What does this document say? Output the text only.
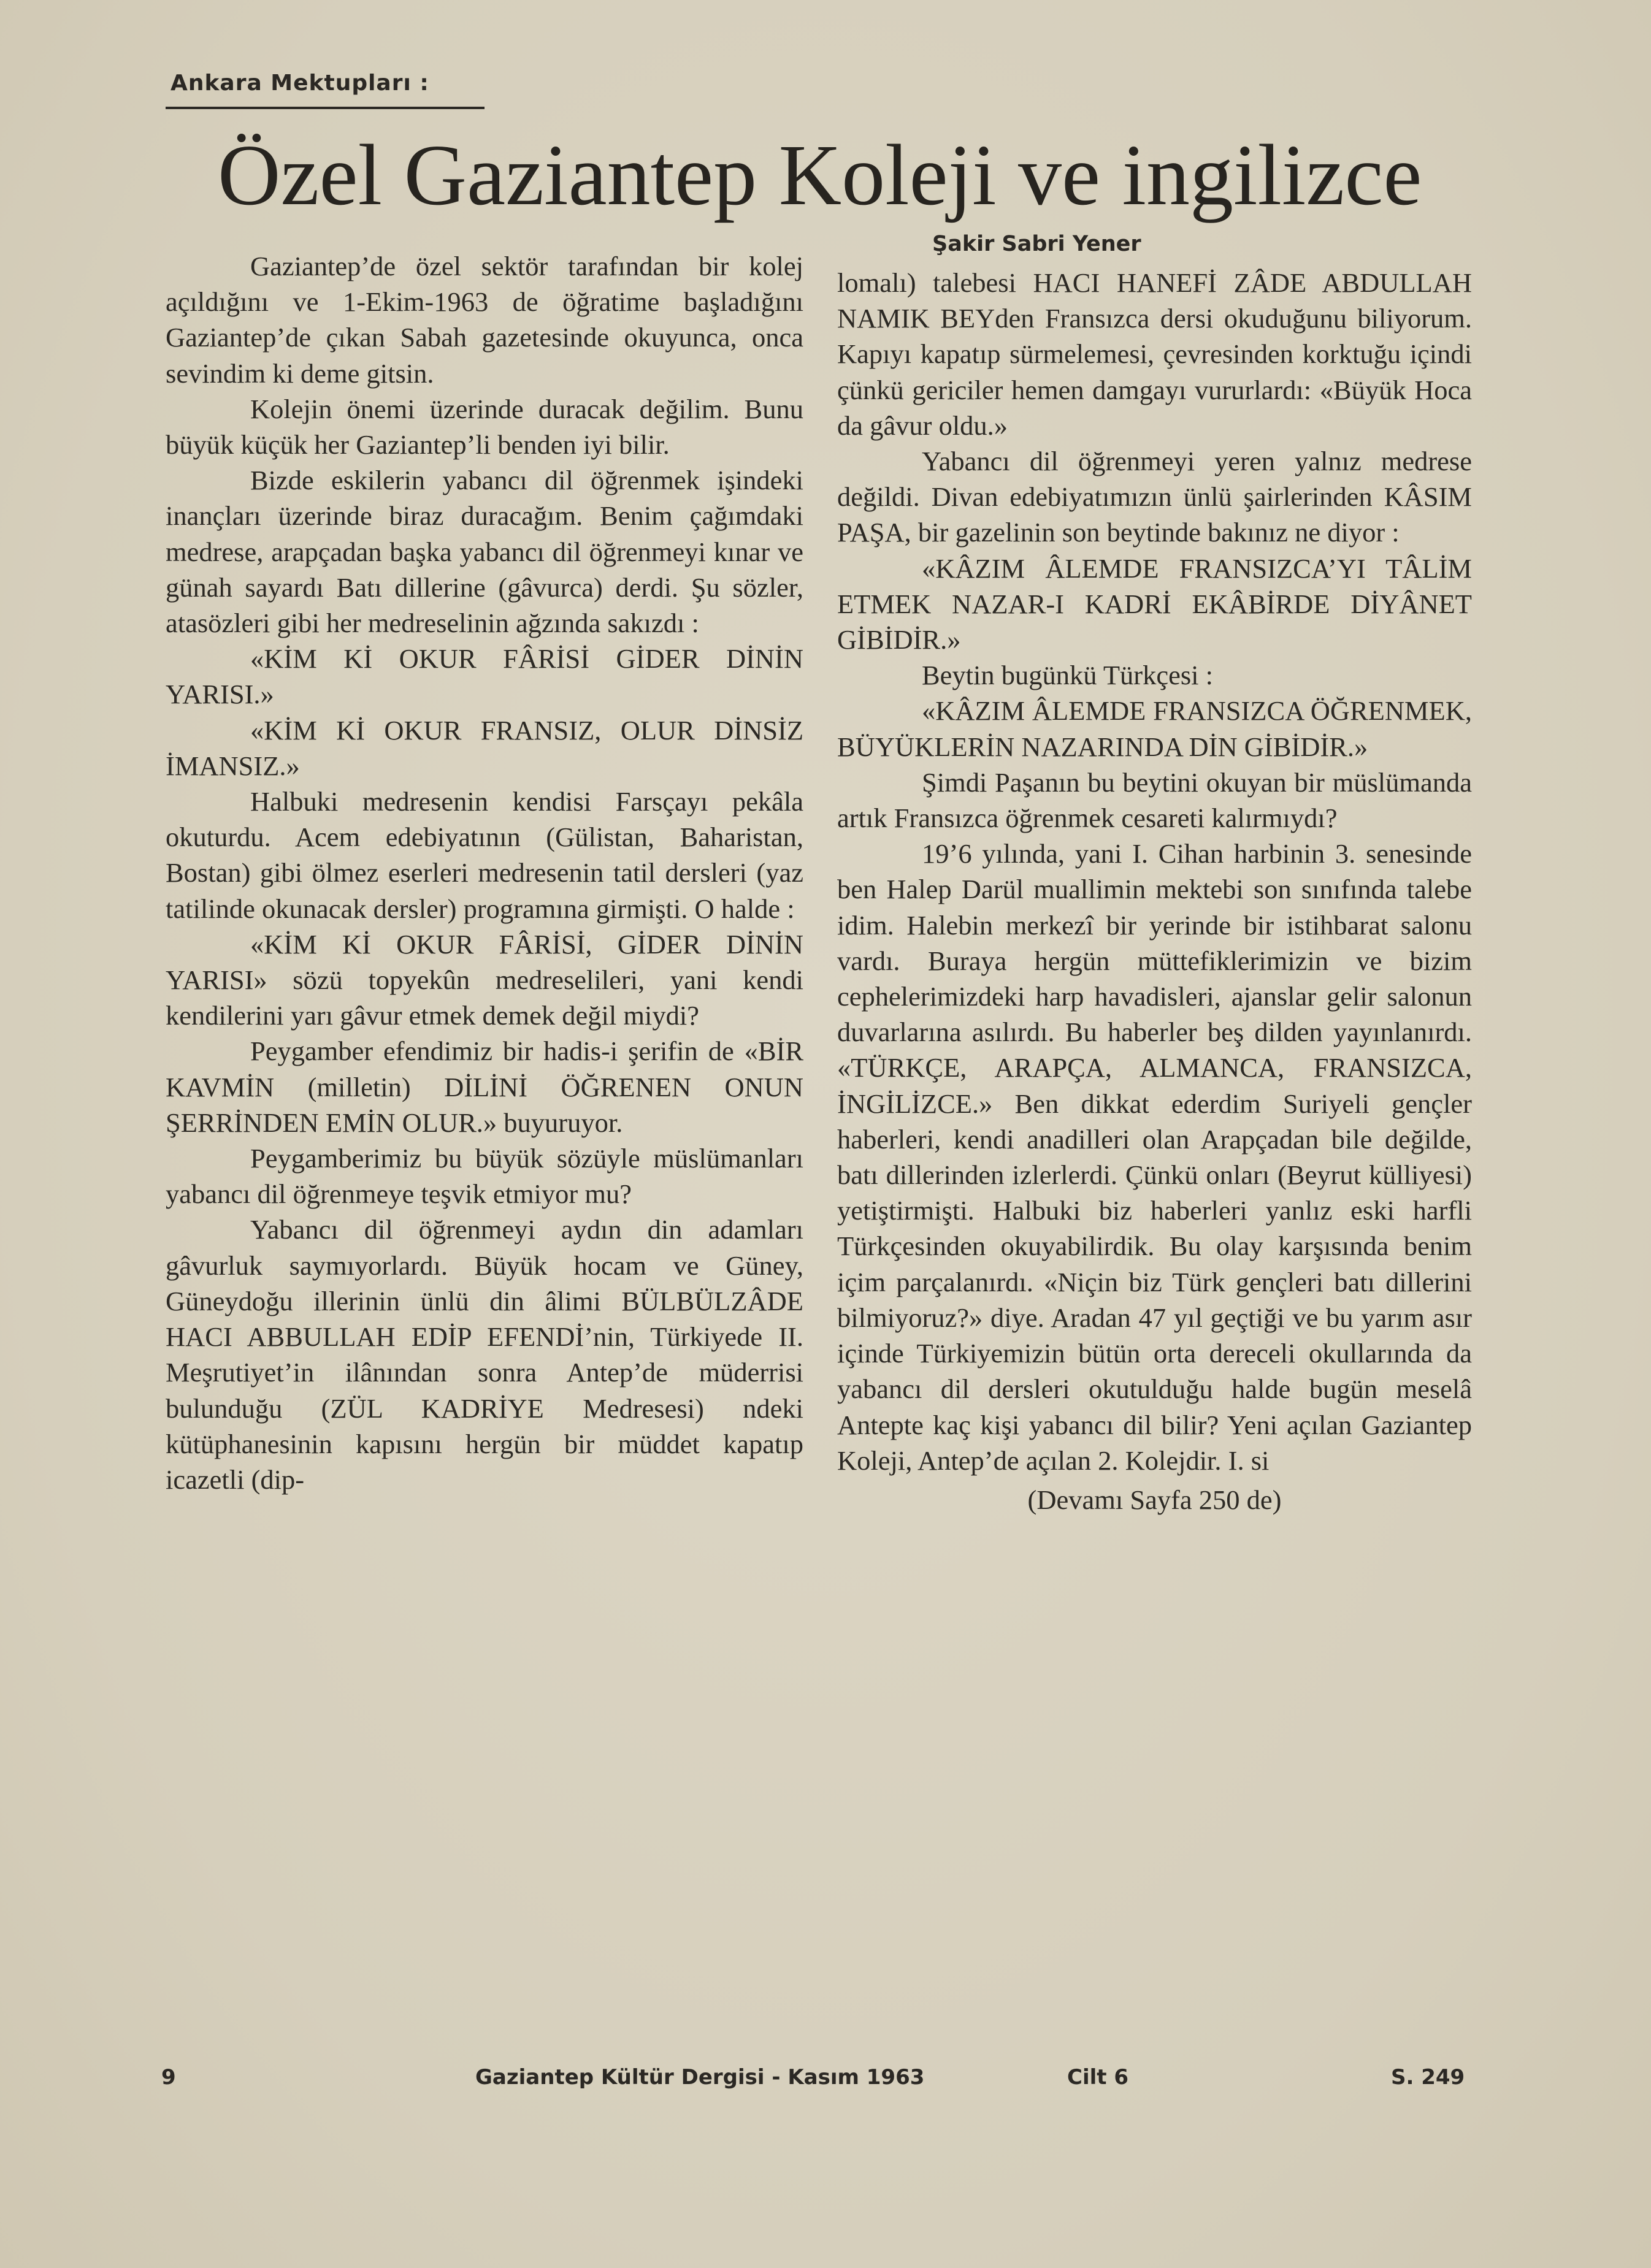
Ankara Mektupları :
Özel Gaziantep Koleji ve ingilizce
Şakir Sabri Yener

Gaziantep’de özel sektör tarafından bir kolej açıldığını ve 1-Ekim-1963 de öğratime başladığını Gaziantep’de çıkan Sabah gazetesinde okuyunca, onca sevindim ki deme gitsin.

Kolejin önemi üzerinde duracak değilim. Bunu büyük küçük her Gaziantep’li benden iyi bilir.

Bizde eskilerin yabancı dil öğrenmek işindeki inançları üzerinde biraz duracağım. Benim çağımdaki medrese, arapçadan başka yabancı dil öğrenmeyi kınar ve günah sayardı Batı dillerine (gâvurca) derdi. Şu sözler, atasözleri gibi her medreselinin ağzında sakızdı :

«KİM Kİ OKUR FÂRİSİ GİDER DİNİN YARISI.»

«KİM Kİ OKUR FRANSIZ, OLUR DİNSİZ İMANSIZ.»

Halbuki medresenin kendisi Farsçayı pekâla okuturdu. Acem edebiyatının (Gülistan, Baharistan, Bostan) gibi ölmez eserleri medresenin tatil dersleri (yaz tatilinde okunacak dersler) programına girmişti. O halde :

«KİM Kİ OKUR FÂRİSİ, GİDER DİNİN YARISI» sözü topyekûn medreselileri, yani kendi kendilerini yarı gâvur etmek demek değil miydi?

Peygamber efendimiz bir hadis-i şerifin de «BİR KAVMİN (milletin) DİLİNİ ÖĞRENEN ONUN ŞERRİNDEN EMİN OLUR.» buyuruyor.

Peygamberimiz bu büyük sözüyle müslümanları yabancı dil öğrenmeye teşvik etmiyor mu?

Yabancı dil öğrenmeyi aydın din adamları gâvurluk saymıyorlardı. Büyük hocam ve Güney, Güneydoğu illerinin ünlü din âlimi BÜLBÜLZÂDE HACI ABBULLAH EDİP EFENDİ’nin, Türkiyede II. Meşrutiyet’in ilânından sonra Antep’de müderrisi bulunduğu (ZÜL KADRİYE Medresesi) ndeki kütüphanesinin kapısını hergün bir müddet kapatıp icazetli (dip-

lomalı) talebesi HACI HANEFİ ZÂDE ABDULLAH NAMIK BEYden Fransızca dersi okuduğunu biliyorum. Kapıyı kapatıp sürmelemesi, çevresinden korktuğu içindi çünkü gericiler hemen damgayı vururlardı: «Büyük Hoca da gâvur oldu.»

Yabancı dil öğrenmeyi yeren yalnız medrese değildi. Divan edebiyatımızın ünlü şairlerinden KÂSIM PAŞA, bir gazelinin son beytinde bakınız ne diyor :

«KÂZIM ÂLEMDE FRANSIZCA’YI TÂLİM ETMEK NAZAR-I KADRİ EKÂBİRDE DİYÂNET GİBİDİR.»

Beytin bugünkü Türkçesi :

«KÂZIM ÂLEMDE FRANSIZCA ÖĞRENMEK, BÜYÜKLERİN NAZARINDA DİN GİBİDİR.»

Şimdi Paşanın bu beytini okuyan bir müslümanda artık Fransızca öğrenmek cesareti kalırmıydı?

19’6 yılında, yani I. Cihan harbinin 3. senesinde ben Halep Darül muallimin mektebi son sınıfında talebe idim. Halebin merkezî bir yerinde bir istihbarat salonu vardı. Buraya hergün müttefiklerimizin ve bizim cephelerimizdeki harp havadisleri, ajanslar gelir salonun duvarlarına asılırdı. Bu haberler beş dilden yayınlanırdı. «TÜRKÇE, ARAPÇA, ALMANCA, FRANSIZCA, İNGİLİZCE.» Ben dikkat ederdim Suriyeli gençler haberleri, kendi anadilleri olan Arapçadan bile değilde, batı dillerinden izlerlerdi. Çünkü onları (Beyrut külliyesi) yetiştirmişti. Halbuki biz haberleri yanlız eski harfli Türkçesinden okuyabilirdik. Bu olay karşısında benim içim parçalanırdı. «Niçin biz Türk gençleri batı dillerini bilmiyoruz?» diye. Aradan 47 yıl geçtiği ve bu yarım asır içinde Türkiyemizin bütün orta dereceli okullarında da yabancı dil dersleri okutulduğu halde bugün meselâ Antepte kaç kişi yabancı dil bilir? Yeni açılan Gaziantep Koleji, Antep’de açılan 2. Kolejdir. I. si

(Devamı Sayfa 250 de)

9	Gaziantep Kültür Dergisi - Kasım 1963	Cilt 6	S. 249
